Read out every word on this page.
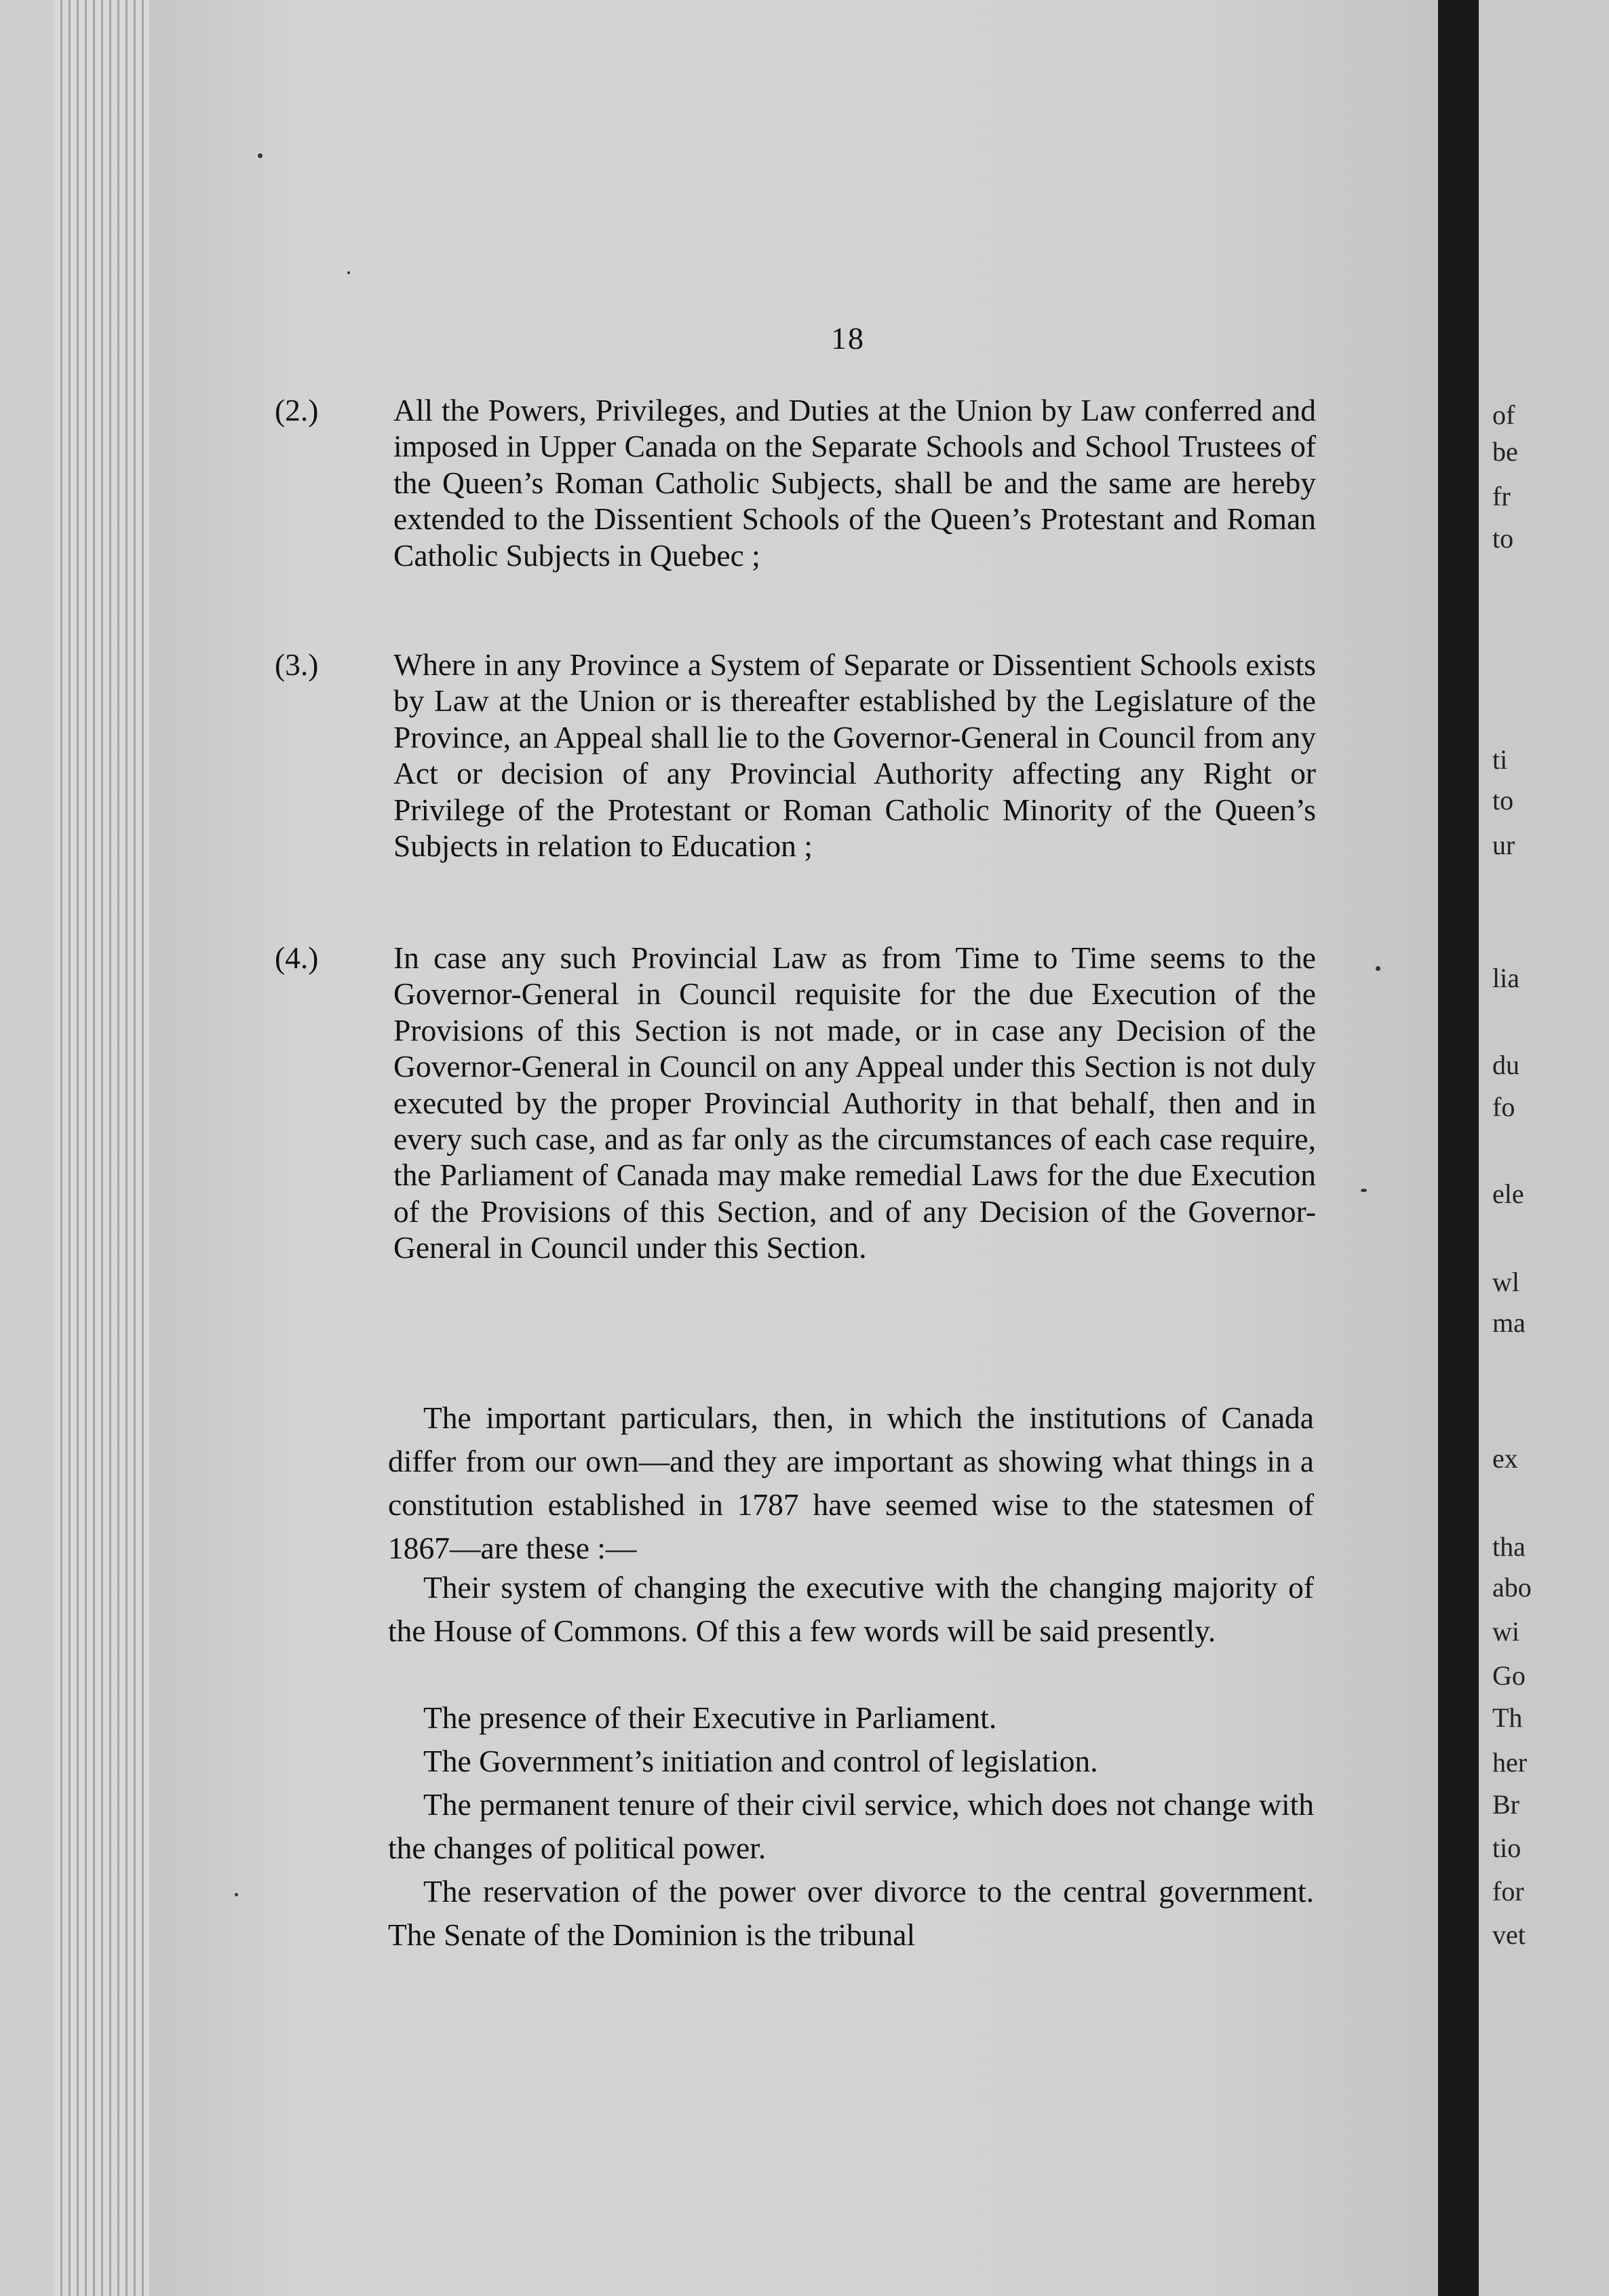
of
be
fr
to
ti
to
ur
lia
du
fo
ele
wl
ma
ex
tha
abo
wi
Go
Th
her
Br
tio
for
vet
18
(2.) All the Powers, Privileges, and Duties at the Union by Law conferred and imposed in Upper Canada on the Separate Schools and School Trustees of the Queen’s Roman Catholic Subjects, shall be and the same are hereby extended to the Dissentient Schools of the Queen’s Protestant and Roman Catholic Subjects in Quebec ;
(3.) Where in any Province a System of Separate or Dissentient Schools exists by Law at the Union or is thereafter established by the Legislature of the Province, an Appeal shall lie to the Governor-General in Council from any Act or decision of any Provincial Authority affecting any Right or Privilege of the Protestant or Roman Catholic Minority of the Queen’s Subjects in relation to Education ;
(4.) In case any such Provincial Law as from Time to Time seems to the Governor-General in Council requisite for the due Execution of the Provisions of this Section is not made, or in case any Decision of the Governor-General in Council on any Appeal under this Section is not duly executed by the proper Provincial Authority in that behalf, then and in every such case, and as far only as the circumstances of each case require, the Parliament of Canada may make remedial Laws for the due Execution of the Provisions of this Section, and of any Decision of the Governor-General in Council under this Section.
The important particulars, then, in which the institutions of Canada differ from our own—and they are important as showing what things in a constitution established in 1787 have seemed wise to the statesmen of 1867—are these :—
Their system of changing the executive with the changing majority of the House of Commons. Of this a few words will be said presently.
The presence of their Executive in Parliament.
The Government’s initiation and control of legislation.
The permanent tenure of their civil service, which does not change with the changes of political power.
The reservation of the power over divorce to the central government. The Senate of the Dominion is the tribunal
